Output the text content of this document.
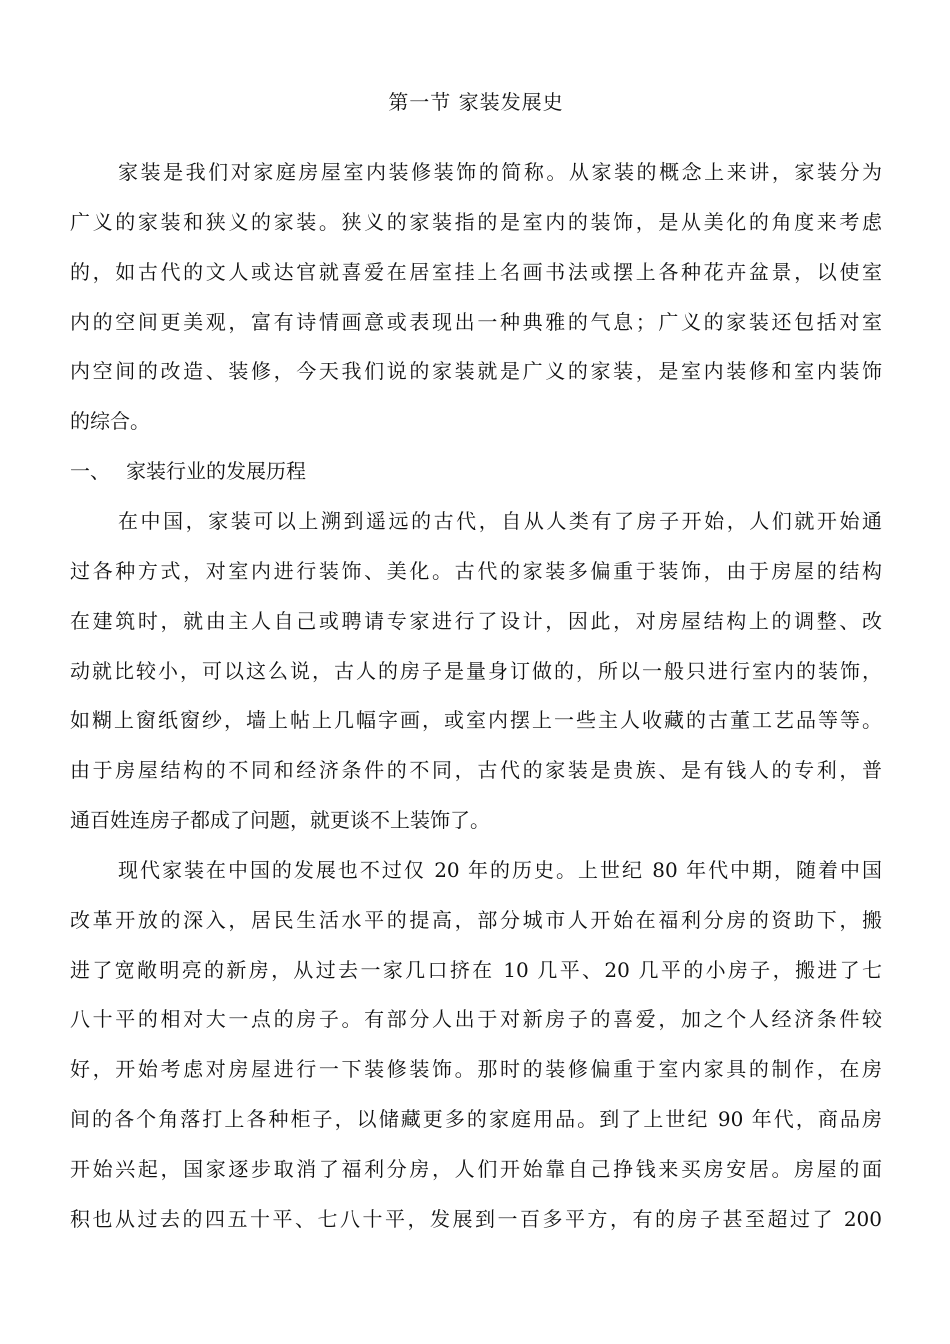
第一节 家装发展史
家装是我们对家庭房屋室内装修装饰的简称。从家装的概念上来讲，家装分为
广义的家装和狭义的家装。狭义的家装指的是室内的装饰，是从美化的角度来考虑
的，如古代的文人或达官就喜爱在居室挂上名画书法或摆上各种花卉盆景，以使室
内的空间更美观，富有诗情画意或表现出一种典雅的气息；广义的家装还包括对室
内空间的改造、装修，今天我们说的家装就是广义的家装，是室内装修和室内装饰
的综合。
一、 家装行业的发展历程
在中国，家装可以上溯到遥远的古代，自从人类有了房子开始，人们就开始通
过各种方式，对室内进行装饰、美化。古代的家装多偏重于装饰，由于房屋的结构
在建筑时，就由主人自己或聘请专家进行了设计，因此，对房屋结构上的调整、改
动就比较小，可以这么说，古人的房子是量身订做的，所以一般只进行室内的装饰，
如糊上窗纸窗纱，墙上帖上几幅字画，或室内摆上一些主人收藏的古董工艺品等等。
由于房屋结构的不同和经济条件的不同，古代的家装是贵族、是有钱人的专利，普
通百姓连房子都成了问题，就更谈不上装饰了。
现代家装在中国的发展也不过仅 20 年的历史。上世纪 80 年代中期，随着中国
改革开放的深入，居民生活水平的提高，部分城市人开始在福利分房的资助下，搬
进了宽敞明亮的新房，从过去一家几口挤在 10 几平、20 几平的小房子，搬进了七
八十平的相对大一点的房子。有部分人出于对新房子的喜爱，加之个人经济条件较
好，开始考虑对房屋进行一下装修装饰。那时的装修偏重于室内家具的制作，在房
间的各个角落打上各种柜子，以储藏更多的家庭用品。到了上世纪 90 年代，商品房
开始兴起，国家逐步取消了福利分房，人们开始靠自己挣钱来买房安居。房屋的面
积也从过去的四五十平、七八十平，发展到一百多平方，有的房子甚至超过了 200
